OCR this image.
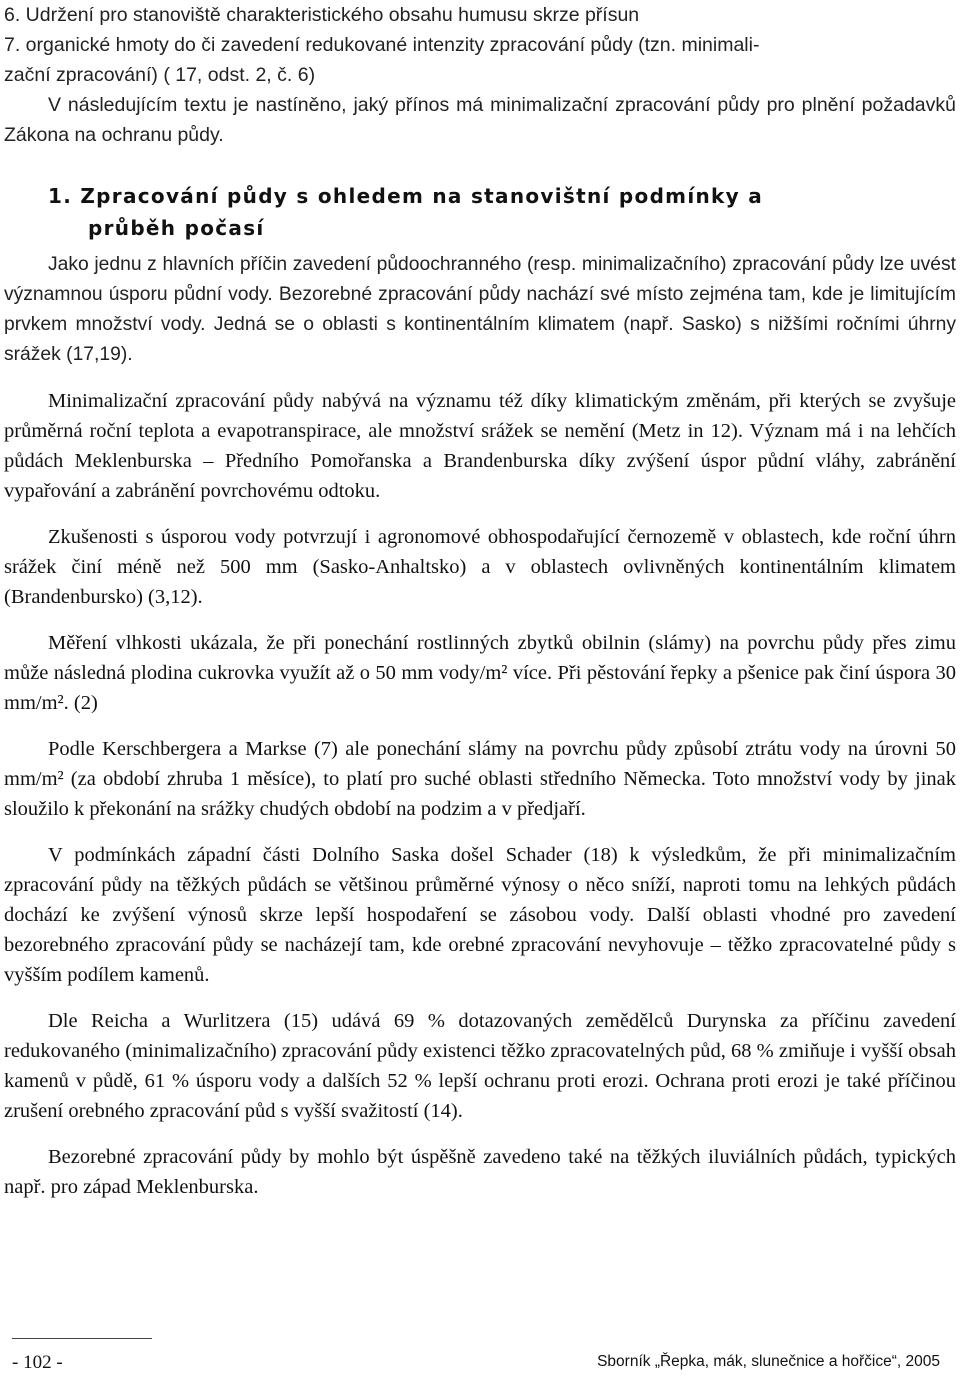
6. Udržení pro stanoviště charakteristického obsahu humusu skrze přísun
7. organické hmoty do či zavedení redukované intenzity zpracování půdy (tzn. minimali-
zační zpracování) ( 17, odst. 2, č. 6)

V následujícím textu je nastíněno, jaký přínos má minimalizační zpracování půdy pro plnění požadavků Zákona na ochranu půdy.

1. Zpracování půdy s ohledem na stanovištní podmínky a průběh počasí

Jako jednu z hlavních příčin zavedení půdoochranného (resp. minimalizačního) zpracování půdy lze uvést významnou úsporu půdní vody. Bezorebné zpracování půdy nachází své místo zejména tam, kde je limitujícím prvkem množství vody. Jedná se o oblasti s kontinentálním klimatem (např. Sasko) s nižšími ročními úhrny srážek (17,19).

Minimalizační zpracování půdy nabývá na významu též díky klimatickým změnám, při kterých se zvyšuje průměrná roční teplota a evapotranspirace, ale množství srážek se nemění (Metz in 12). Význam má i na lehčích půdách Meklenburska – Předního Pomořanska a Brandenburska díky zvýšení úspor půdní vláhy, zabránění vypařování a zabránění povrchovému odtoku.

Zkušenosti s úsporou vody potvrzují i agronomové obhospodařující černozemě v oblastech, kde roční úhrn srážek činí méně než 500 mm (Sasko-Anhaltsko) a v oblastech ovlivněných kontinentálním klimatem (Brandenbursko) (3,12).

Měření vlhkosti ukázala, že při ponechání rostlinných zbytků obilnin (slámy) na povrchu půdy přes zimu může následná plodina cukrovka využít až o 50 mm vody/m² více. Při pěstování řepky a pšenice pak činí úspora 30 mm/m². (2)

Podle Kerschbergera a Markse (7) ale ponechání slámy na povrchu půdy způsobí ztrátu vody na úrovni 50 mm/m² (za období zhruba 1 měsíce), to platí pro suché oblasti středního Německa. Toto množství vody by jinak sloužilo k překonání na srážky chudých období na podzim a v předjaří.

V podmínkách západní části Dolního Saska došel Schader (18) k výsledkům, že při minimalizačním zpracování půdy na těžkých půdách se většinou průměrné výnosy o něco sníží, naproti tomu na lehkých půdách dochází ke zvýšení výnosů skrze lepší hospodaření se zásobou vody. Další oblasti vhodné pro zavedení bezorebného zpracování půdy se nacházejí tam, kde orebné zpracování nevyhovuje – těžko zpracovatelné půdy s vyšším podílem kamenů.

Dle Reicha a Wurlitzera (15) udává 69 % dotazovaných zemědělců Durynska za příčinu zavedení redukovaného (minimalizačního) zpracování půdy existenci těžko zpracovatelných půd, 68 % zmiňuje i vyšší obsah kamenů v půdě, 61 % úsporu vody a dalších 52 % lepší ochranu proti erozi. Ochrana proti erozi je také příčinou zrušení orebného zpracování půd s vyšší svažitostí (14).

Bezorebné zpracování půdy by mohlo být úspěšně zavedeno také na těžkých iluviálních půdách, typických např. pro západ Meklenburska.

- 102 -	Sborník „Řepka, mák, slunečnice a hořčice“, 2005
